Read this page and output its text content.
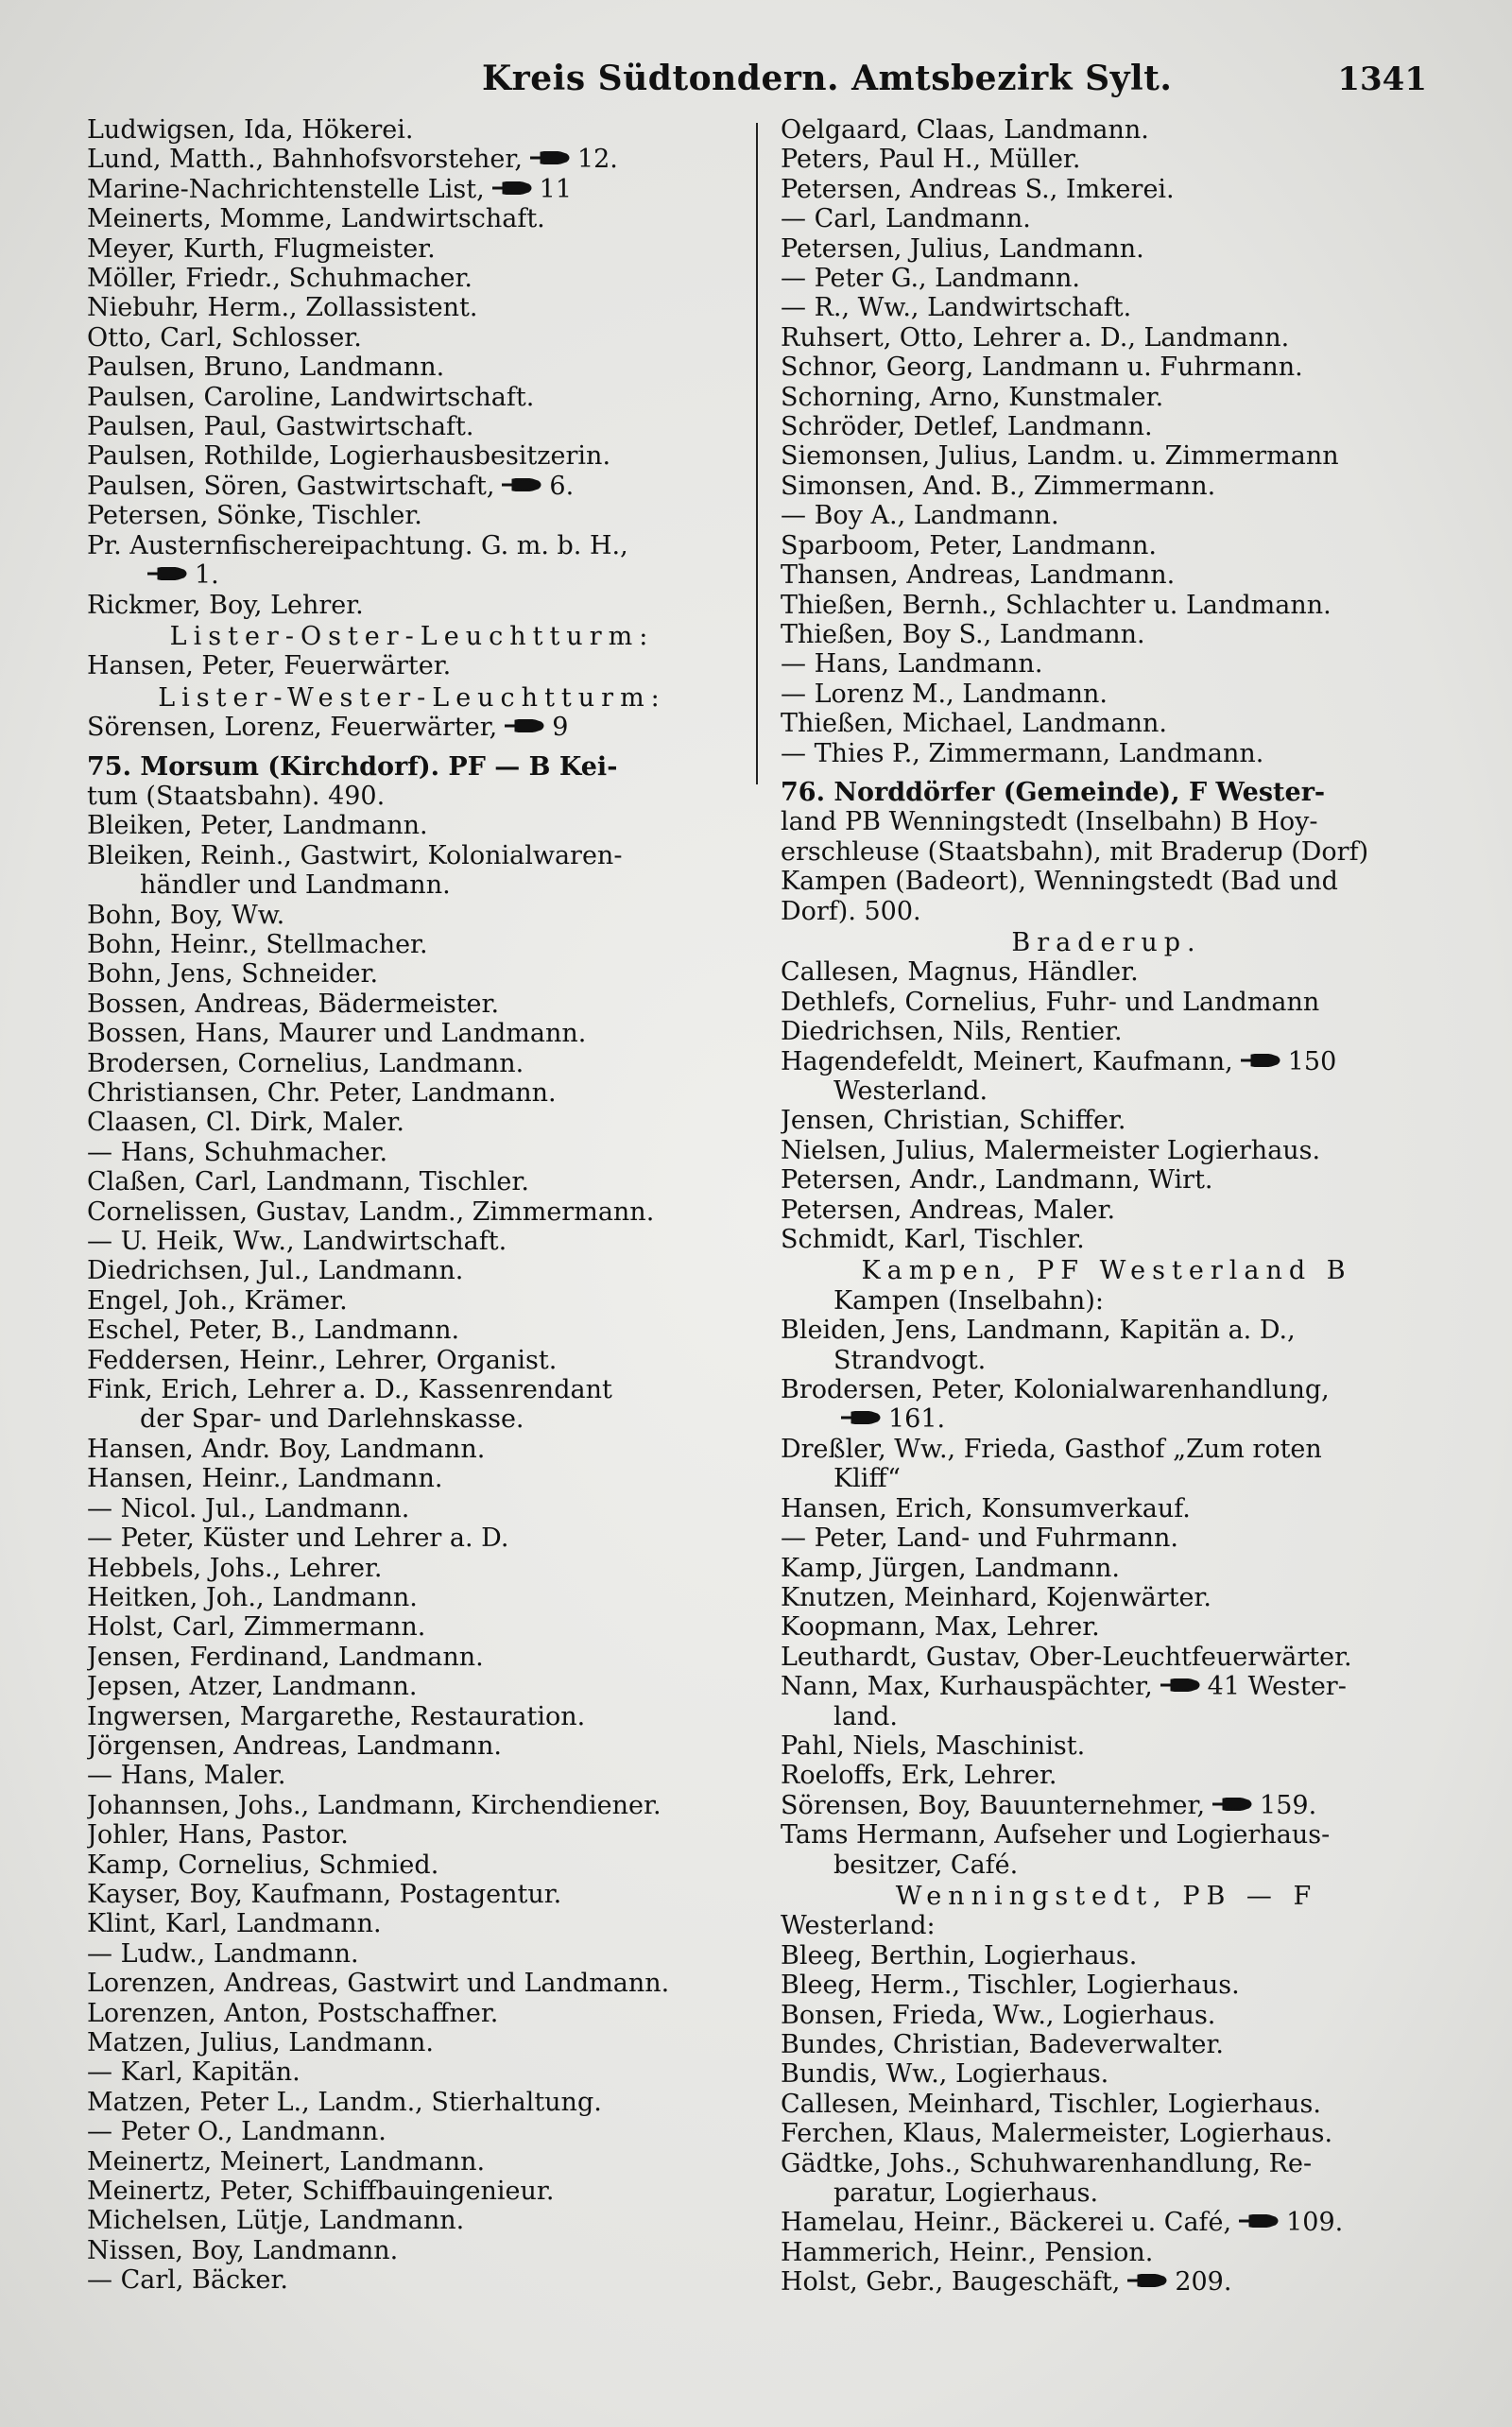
Kreis Südtondern. Amtsbezirk Sylt.	1341
Ludwigsen, Ida, Hökerei.
Lund, Matth., Bahnhofsvorsteher, 12.
Marine-Nachrichtenstelle List, 11
Meinerts, Momme, Landwirtschaft.
Meyer, Kurth, Flugmeister.
Möller, Friedr., Schuhmacher.
Niebuhr, Herm., Zollassistent.
Otto, Carl, Schlosser.
Paulsen, Bruno, Landmann.
Paulsen, Caroline, Landwirtschaft.
Paulsen, Paul, Gastwirtschaft.
Paulsen, Rothilde, Logierhausbesitzerin.
Paulsen, Sören, Gastwirtschaft, 6.
Petersen, Sönke, Tischler.
Pr. Austernfischereipachtung. G. m. b. H.,
1.
Rickmer, Boy, Lehrer.
Lister-Oster-Leuchtturm:
Hansen, Peter, Feuerwärter.
Lister-Wester-Leuchtturm:
Sörensen, Lorenz, Feuerwärter, 9
75. Morsum (Kirchdorf). PF — B Kei-
tum (Staatsbahn). 490.
Bleiken, Peter, Landmann.
Bleiken, Reinh., Gastwirt, Kolonialwaren-
händler und Landmann.
Bohn, Boy, Ww.
Bohn, Heinr., Stellmacher.
Bohn, Jens, Schneider.
Bossen, Andreas, Bädermeister.
Bossen, Hans, Maurer und Landmann.
Brodersen, Cornelius, Landmann.
Christiansen, Chr. Peter, Landmann.
Claasen, Cl. Dirk, Maler.
— Hans, Schuhmacher.
Claßen, Carl, Landmann, Tischler.
Cornelissen, Gustav, Landm., Zimmermann.
— U. Heik, Ww., Landwirtschaft.
Diedrichsen, Jul., Landmann.
Engel, Joh., Krämer.
Eschel, Peter, B., Landmann.
Feddersen, Heinr., Lehrer, Organist.
Fink, Erich, Lehrer a. D., Kassenrendant
der Spar- und Darlehnskasse.
Hansen, Andr. Boy, Landmann.
Hansen, Heinr., Landmann.
— Nicol. Jul., Landmann.
— Peter, Küster und Lehrer a. D.
Hebbels, Johs., Lehrer.
Heitken, Joh., Landmann.
Holst, Carl, Zimmermann.
Jensen, Ferdinand, Landmann.
Jepsen, Atzer, Landmann.
Ingwersen, Margarethe, Restauration.
Jörgensen, Andreas, Landmann.
— Hans, Maler.
Johannsen, Johs., Landmann, Kirchendiener.
Johler, Hans, Pastor.
Kamp, Cornelius, Schmied.
Kayser, Boy, Kaufmann, Postagentur.
Klint, Karl, Landmann.
— Ludw., Landmann.
Lorenzen, Andreas, Gastwirt und Landmann.
Lorenzen, Anton, Postschaffner.
Matzen, Julius, Landmann.
— Karl, Kapitän.
Matzen, Peter L., Landm., Stierhaltung.
— Peter O., Landmann.
Meinertz, Meinert, Landmann.
Meinertz, Peter, Schiffbauingenieur.
Michelsen, Lütje, Landmann.
Nissen, Boy, Landmann.
— Carl, Bäcker.
Oelgaard, Claas, Landmann.
Peters, Paul H., Müller.
Petersen, Andreas S., Imkerei.
— Carl, Landmann.
Petersen, Julius, Landmann.
— Peter G., Landmann.
— R., Ww., Landwirtschaft.
Ruhsert, Otto, Lehrer a. D., Landmann.
Schnor, Georg, Landmann u. Fuhrmann.
Schorning, Arno, Kunstmaler.
Schröder, Detlef, Landmann.
Siemonsen, Julius, Landm. u. Zimmermann
Simonsen, And. B., Zimmermann.
— Boy A., Landmann.
Sparboom, Peter, Landmann.
Thansen, Andreas, Landmann.
Thießen, Bernh., Schlachter u. Landmann.
Thießen, Boy S., Landmann.
— Hans, Landmann.
— Lorenz M., Landmann.
Thießen, Michael, Landmann.
— Thies P., Zimmermann, Landmann.
76. Norddörfer (Gemeinde), F Wester-
land PB Wenningstedt (Inselbahn) B Hoy-
erschleuse (Staatsbahn), mit Braderup (Dorf)
Kampen (Badeort), Wenningstedt (Bad und
Dorf). 500.
Braderup.
Callesen, Magnus, Händler.
Dethlefs, Cornelius, Fuhr- und Landmann
Diedrichsen, Nils, Rentier.
Hagendefeldt, Meinert, Kaufmann, 150
Westerland.
Jensen, Christian, Schiffer.
Nielsen, Julius, Malermeister Logierhaus.
Petersen, Andr., Landmann, Wirt.
Petersen, Andreas, Maler.
Schmidt, Karl, Tischler.
Kampen, PF Westerland B
Kampen (Inselbahn):
Bleiden, Jens, Landmann, Kapitän a. D.,
Strandvogt.
Brodersen, Peter, Kolonialwarenhandlung,
161.
Dreßler, Ww., Frieda, Gasthof „Zum roten
Kliff“
Hansen, Erich, Konsumverkauf.
— Peter, Land- und Fuhrmann.
Kamp, Jürgen, Landmann.
Knutzen, Meinhard, Kojenwärter.
Koopmann, Max, Lehrer.
Leuthardt, Gustav, Ober-Leuchtfeuerwärter.
Nann, Max, Kurhauspächter, 41 Wester-
land.
Pahl, Niels, Maschinist.
Roeloffs, Erk, Lehrer.
Sörensen, Boy, Bauunternehmer, 159.
Tams Hermann, Aufseher und Logierhaus-
besitzer, Café.
Wenningstedt, PB — F
Westerland:
Bleeg, Berthin, Logierhaus.
Bleeg, Herm., Tischler, Logierhaus.
Bonsen, Frieda, Ww., Logierhaus.
Bundes, Christian, Badeverwalter.
Bundis, Ww., Logierhaus.
Callesen, Meinhard, Tischler, Logierhaus.
Ferchen, Klaus, Malermeister, Logierhaus.
Gädtke, Johs., Schuhwarenhandlung, Re-
paratur, Logierhaus.
Hamelau, Heinr., Bäckerei u. Café, 109.
Hammerich, Heinr., Pension.
Holst, Gebr., Baugeschäft, 209.
